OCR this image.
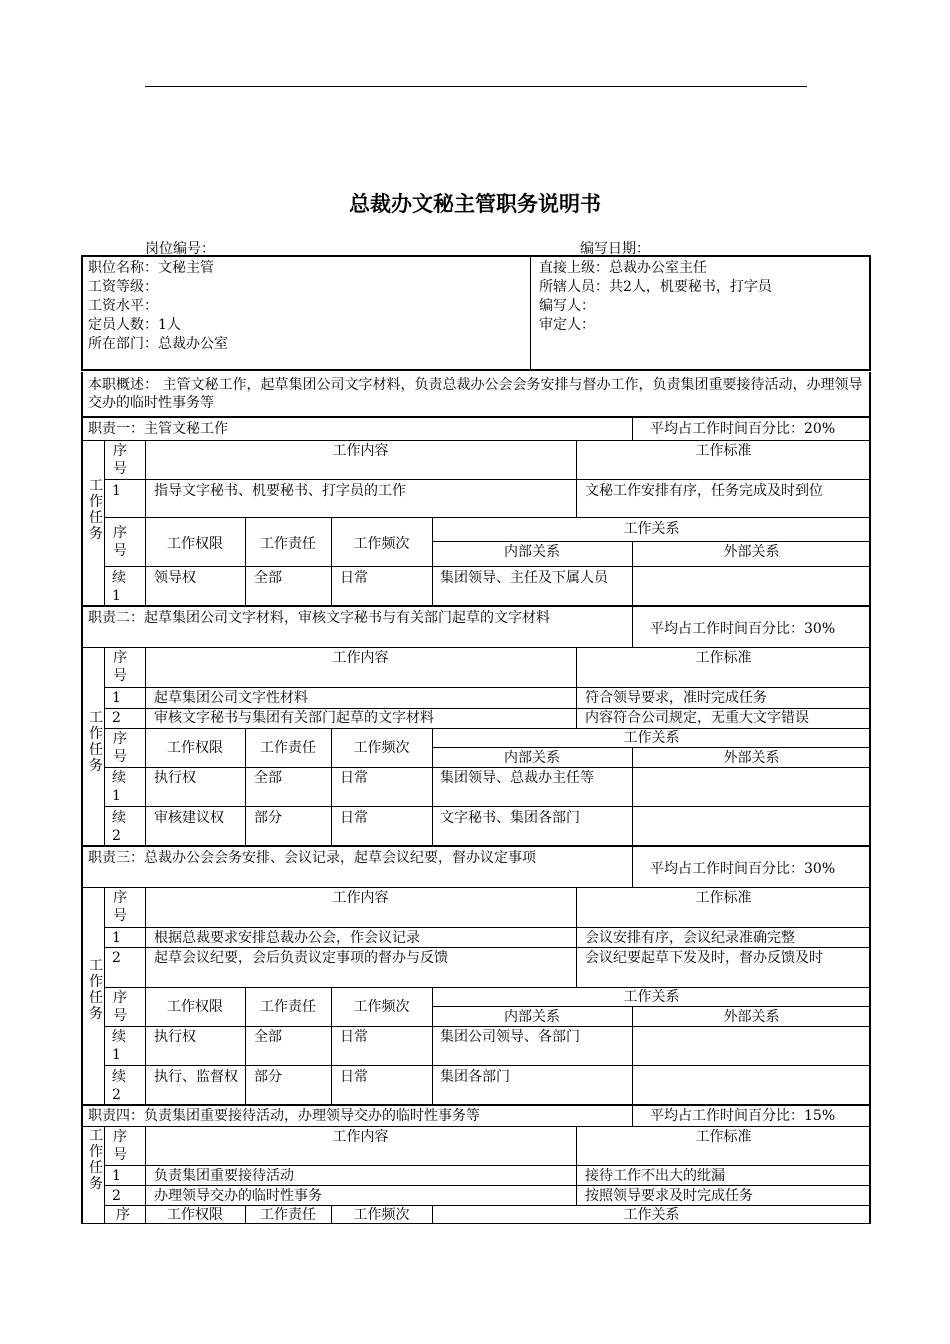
总裁办文秘主管职务说明书
岗位编号：	编写日期：
职位名称：文秘主管
工资等级：
工资水平：
定员人数：1人
所在部门：总裁办公室
直接上级：总裁办公室主任
所辖人员：共2人，机要秘书，打字员
编写人：
审定人：
本职概述： 主管文秘工作，起草集团公司文字材料，负责总裁办公会会务安排与督办工作，负责集团重要接待活动，办理领导交办的临时性事务等
职责一：主管文秘工作	平均占工作时间百分比：20%
工作任务
序号
工作内容	工作标准
1 指导文字秘书、机要秘书、打字员的工作	文秘工作安排有序，任务完成及时到位
序号	工作权限	工作责任	工作频次
工作关系
内部关系	外部关系
续1
领导权	全部	日常	集团领导、主任及下属人员
职责二：起草集团公司文字材料，审核文字秘书与有关部门起草的文字材料
平均占工作时间百分比：30%
工作任务
序号
工作内容	工作标准
1 起草集团公司文字性材料	符合领导要求，准时完成任务
2 审核文字秘书与集团有关部门起草的文字材料	内容符合公司规定，无重大文字错误
序号
工作权限	工作责任	工作频次
工作关系
内部关系	外部关系
续1
执行权	全部	日常	集团领导、总裁办主任等
续2
审核建议权	部分	日常	文字秘书、集团各部门
职责三：总裁办公会会务安排、会议记录，起草会议纪要，督办议定事项
平均占工作时间百分比：30%
工作任务
序号
工作内容	工作标准
1 根据总裁要求安排总裁办公会，作会议记录	会议安排有序，会议纪录准确完整
2 起草会议纪要，会后负责议定事项的督办与反馈	会议纪要起草下发及时，督办反馈及时
序号
工作权限	工作责任	工作频次
工作关系
内部关系	外部关系
续1
执行权	全部	日常	集团公司领导、各部门
续2
执行、监督权 部分	日常	集团各部门
职责四：负责集团重要接待活动，办理领导交办的临时性事务等	平均占工作时间百分比：15%
工作任务
序号
工作内容	工作标准
1 负责集团重要接待活动	接待工作不出大的纰漏
2 办理领导交办的临时性事务	按照领导要求及时完成任务
序	工作权限	工作责任	工作频次	工作关系
